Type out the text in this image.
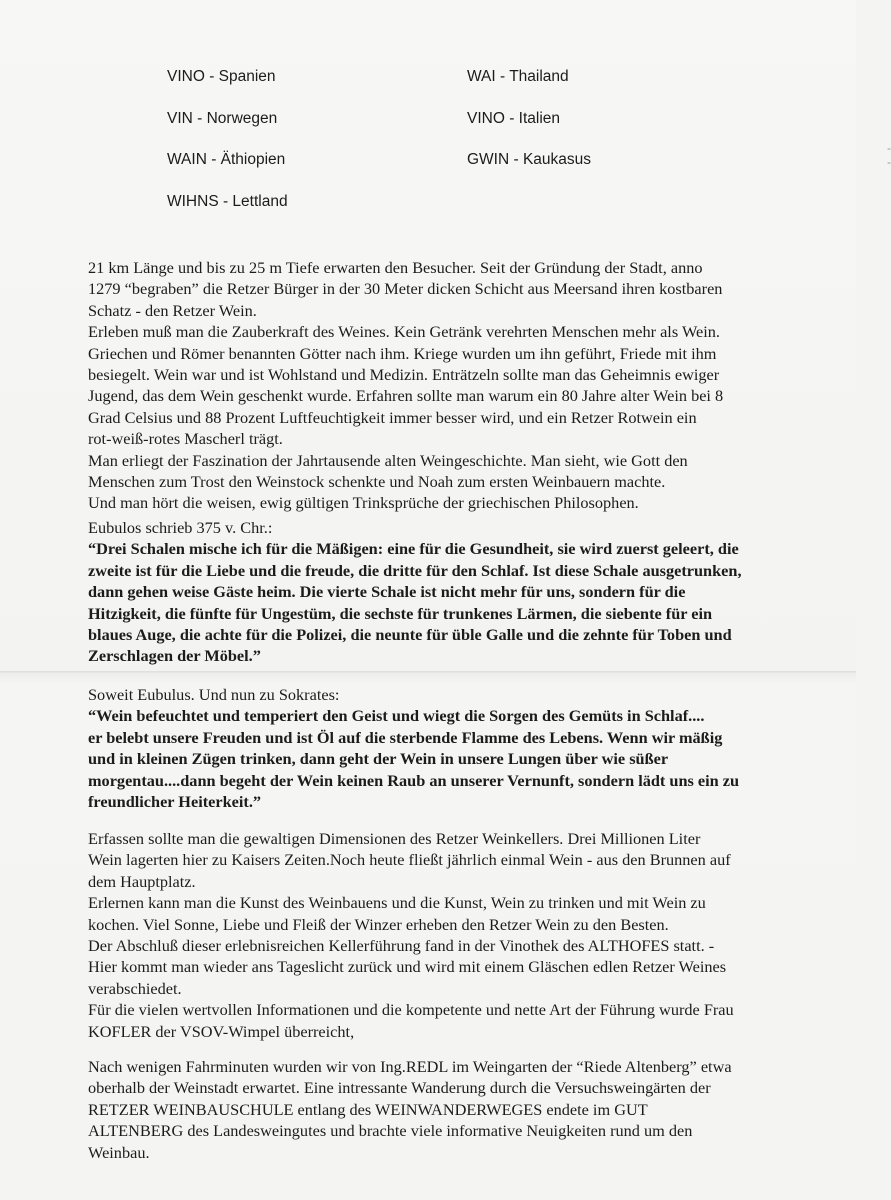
VINO - Spanien	WAI - Thailand
VIN - Norwegen	VINO - Italien
WAIN - Äthiopien	GWIN - Kaukasus
-
-
WIHNS - Lettland

21 km Länge und bis zu 25 m Tiefe erwarten den Besucher. Seit der Gründung der Stadt, anno

1279 “begraben” die Retzer Bürger in der 30 Meter dicken Schicht aus Meersand ihren kostbaren

Schatz - den Retzer Wein.

Erleben muß man die Zauberkraft des Weines. Kein Getränk verehrten Menschen mehr als Wein.

Griechen und Römer benannten Götter nach ihm. Kriege wurden um ihn geführt, Friede mit ihm

besiegelt. Wein war und ist Wohlstand und Medizin. Enträtzeln sollte man das Geheimnis ewiger

Jugend, das dem Wein geschenkt wurde. Erfahren sollte man warum ein 80 Jahre alter Wein bei 8

Grad Celsius und 88 Prozent Luftfeuchtigkeit immer besser wird, und ein Retzer Rotwein ein

rot-weiß-rotes Mascherl trägt.

Man erliegt der Faszination der Jahrtausende alten Weingeschichte. Man sieht, wie Gott den

Menschen zum Trost den Weinstock schenkte und Noah zum ersten Weinbauern machte.

Und man hört die weisen, ewig gültigen Trinksprüche der griechischen Philosophen.

Eubulos schrieb 375 v. Chr.:

“Drei Schalen mische ich für die Mäßigen: eine für die Gesundheit, sie wird zuerst geleert, die

zweite ist für die Liebe und die freude, die dritte für den Schlaf. Ist diese Schale ausgetrunken,

dann gehen weise Gäste heim. Die vierte Schale ist nicht mehr für uns, sondern für die

Hitzigkeit, die fünfte für Ungestüm, die sechste für trunkenes Lärmen, die siebente für ein

blaues Auge, die achte für die Polizei, die neunte für üble Galle und die zehnte für Toben und

Zerschlagen der Möbel.”

Soweit Eubulus. Und nun zu Sokrates:

“Wein befeuchtet und temperiert den Geist und wiegt die Sorgen des Gemüts in Schlaf....

er belebt unsere Freuden und ist Öl auf die sterbende Flamme des Lebens. Wenn wir mäßig

und in kleinen Zügen trinken, dann geht der Wein in unsere Lungen über wie süßer

morgentau....dann begeht der Wein keinen Raub an unserer Vernunft, sondern lädt uns ein zu

freundlicher Heiterkeit.”

Erfassen sollte man die gewaltigen Dimensionen des Retzer Weinkellers. Drei Millionen Liter

Wein lagerten hier zu Kaisers Zeiten.Noch heute fließt jährlich einmal Wein - aus den Brunnen auf

dem Hauptplatz.

Erlernen kann man die Kunst des Weinbauens und die Kunst, Wein zu trinken und mit Wein zu

kochen. Viel Sonne, Liebe und Fleiß der Winzer erheben den Retzer Wein zu den Besten.

Der Abschluß dieser erlebnisreichen Kellerführung fand in der Vinothek des ALTHOFES statt. -

Hier kommt man wieder ans Tageslicht zurück und wird mit einem Gläschen edlen Retzer Weines

verabschiedet.

Für die vielen wertvollen Informationen und die kompetente und nette Art der Führung wurde Frau

KOFLER der VSOV-Wimpel überreicht,

Nach wenigen Fahrminuten wurden wir von Ing.REDL im Weingarten der “Riede Altenberg” etwa

oberhalb der Weinstadt erwartet. Eine intressante Wanderung durch die Versuchsweingärten der

RETZER WEINBAUSCHULE entlang des WEINWANDERWEGES endete im GUT

ALTENBERG des Landesweingutes und brachte viele informative Neuigkeiten rund um den

Weinbau.
